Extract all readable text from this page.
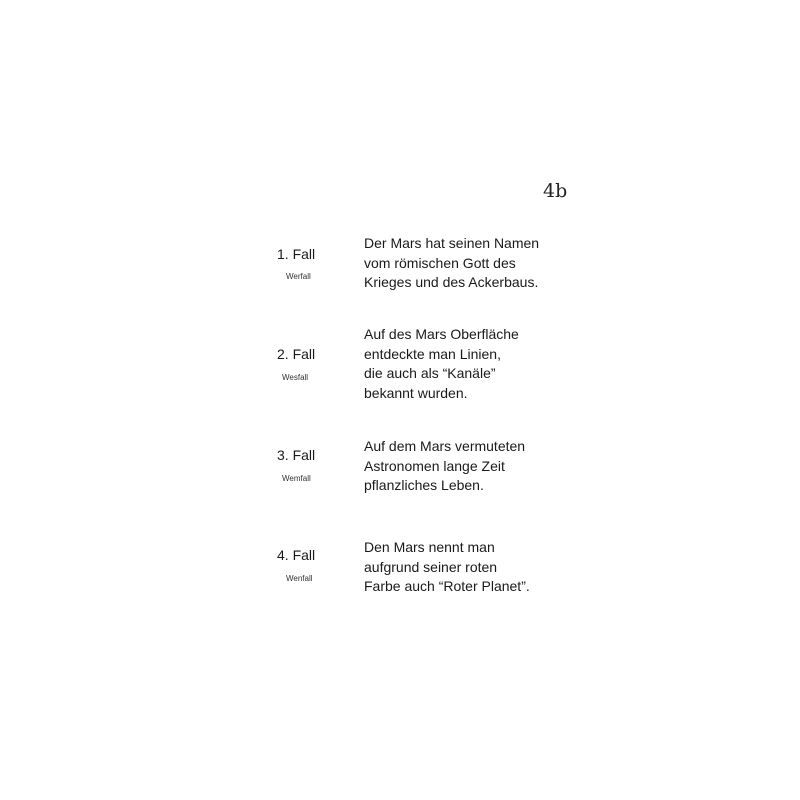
4b
1. Fall
Werfall
Der Mars hat seinen Namen
vom römischen Gott des
Krieges und des Ackerbaus.
2. Fall
Wesfall
Auf des Mars Oberfläche
entdeckte man Linien,
die auch als “Kanäle”
bekannt wurden.
3. Fall
Wemfall
Auf dem Mars vermuteten
Astronomen lange Zeit
pflanzliches Leben.
4. Fall
Wenfall
Den Mars nennt man
aufgrund seiner roten
Farbe auch “Roter Planet”.
